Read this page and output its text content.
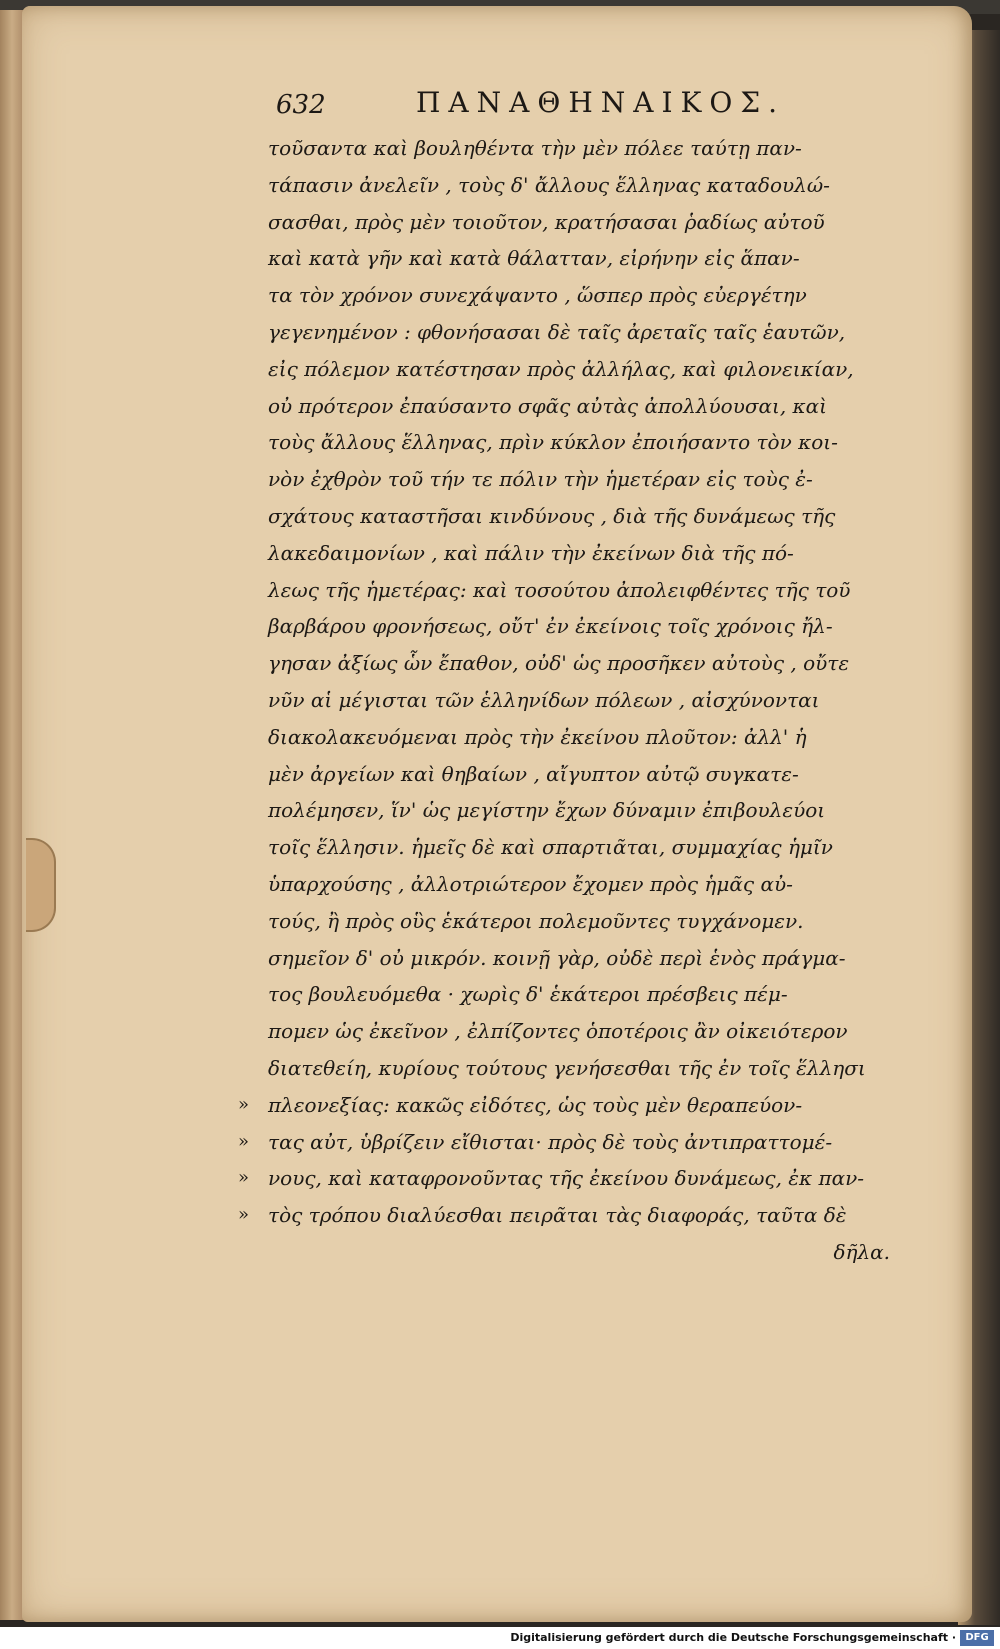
632	ΠΑΝΑΘΗΝΑΙΚΟΣ.
τοῦσαντα καὶ βουληθέντα τὴν μὲν πόλεε ταύτῃ παν-
τάπασιν ἀνελεῖν , τοὺς δ' ἄλλους ἕλληνας καταδουλώ-
σασθαι, πρὸς μὲν τοιοῦτον, κρατήσασαι ῥαδίως αὐτοῦ
καὶ κατὰ γῆν καὶ κατὰ θάλατταν, εἰρήνην εἰς ἅπαν-
τα τὸν χρόνον συνεχάψαντο , ὥσπερ πρὸς εὐεργέτην
γεγενημένον : φθονήσασαι δὲ ταῖς ἀρεταῖς ταῖς ἑαυτῶν,
εἰς πόλεμον κατέστησαν πρὸς ἀλλήλας, καὶ φιλονεικίαν,
οὐ πρότερον ἐπαύσαντο σφᾶς αὐτὰς ἀπολλύουσαι, καὶ
τοὺς ἄλλους ἕλληνας, πρὶν κύκλον ἐποιήσαντο τὸν κοι-
νὸν ἐχθρὸν τοῦ τήν τε πόλιν τὴν ἡμετέραν εἰς τοὺς ἐ-
σχάτους καταστῆσαι κινδύνους , διὰ τῆς δυνάμεως τῆς
λακεδαιμονίων , καὶ πάλιν τὴν ἐκείνων διὰ τῆς πό-
λεως τῆς ἡμετέρας: καὶ τοσούτου ἀπολειφθέντες τῆς τοῦ
βαρβάρου φρονήσεως, οὔτ' ἐν ἐκείνοις τοῖς χρόνοις ἤλ-
γησαν ἀξίως ὧν ἔπαθον, οὐδ' ὡς προσῆκεν αὐτοὺς , οὔτε
νῦν αἱ μέγισται τῶν ἑλληνίδων πόλεων , αἰσχύνονται
διακολακευόμεναι πρὸς τὴν ἐκείνου πλοῦτον: ἀλλ' ἡ
μὲν ἀργείων καὶ θηβαίων , αἴγυπτον αὐτῷ συγκατε-
πολέμησεν, ἵν' ὡς μεγίστην ἔχων δύναμιν ἐπιβουλεύοι
τοῖς ἕλλησιν. ἡμεῖς δὲ καὶ σπαρτιᾶται, συμμαχίας ἡμῖν
ὑπαρχούσης , ἀλλοτριώτερον ἔχομεν πρὸς ἡμᾶς αὐ-
τούς, ἢ πρὸς οὓς ἑκάτεροι πολεμοῦντες τυγχάνομεν.
σημεῖον δ' οὐ μικρόν. κοινῇ γὰρ, οὐδὲ περὶ ἑνὸς πράγμα-
τος βουλευόμεθα · χωρὶς δ' ἑκάτεροι πρέσβεις πέμ-
πομεν ὡς ἐκεῖνον , ἐλπίζοντες ὁποτέροις ἂν οἰκειότερον
διατεθείη, κυρίους τούτους γενήσεσθαι τῆς ἐν τοῖς ἕλλησι
» πλεονεξίας: κακῶς εἰδότες, ὡς τοὺς μὲν θεραπεύον-
» τας αὐτ, ὑβρίζειν εἴθισται· πρὸς δὲ τοὺς ἀντιπραττομέ-
» νους, καὶ καταφρονοῦντας τῆς ἐκείνου δυνάμεως, ἐκ παν-
» τὸς τρόπου διαλύεσθαι πειρᾶται τὰς διαφοράς, ταῦτα δὲ
δῆλα.
Digitalisierung gefördert durch die Deutsche Forschungsgemeinschaft · DFG
